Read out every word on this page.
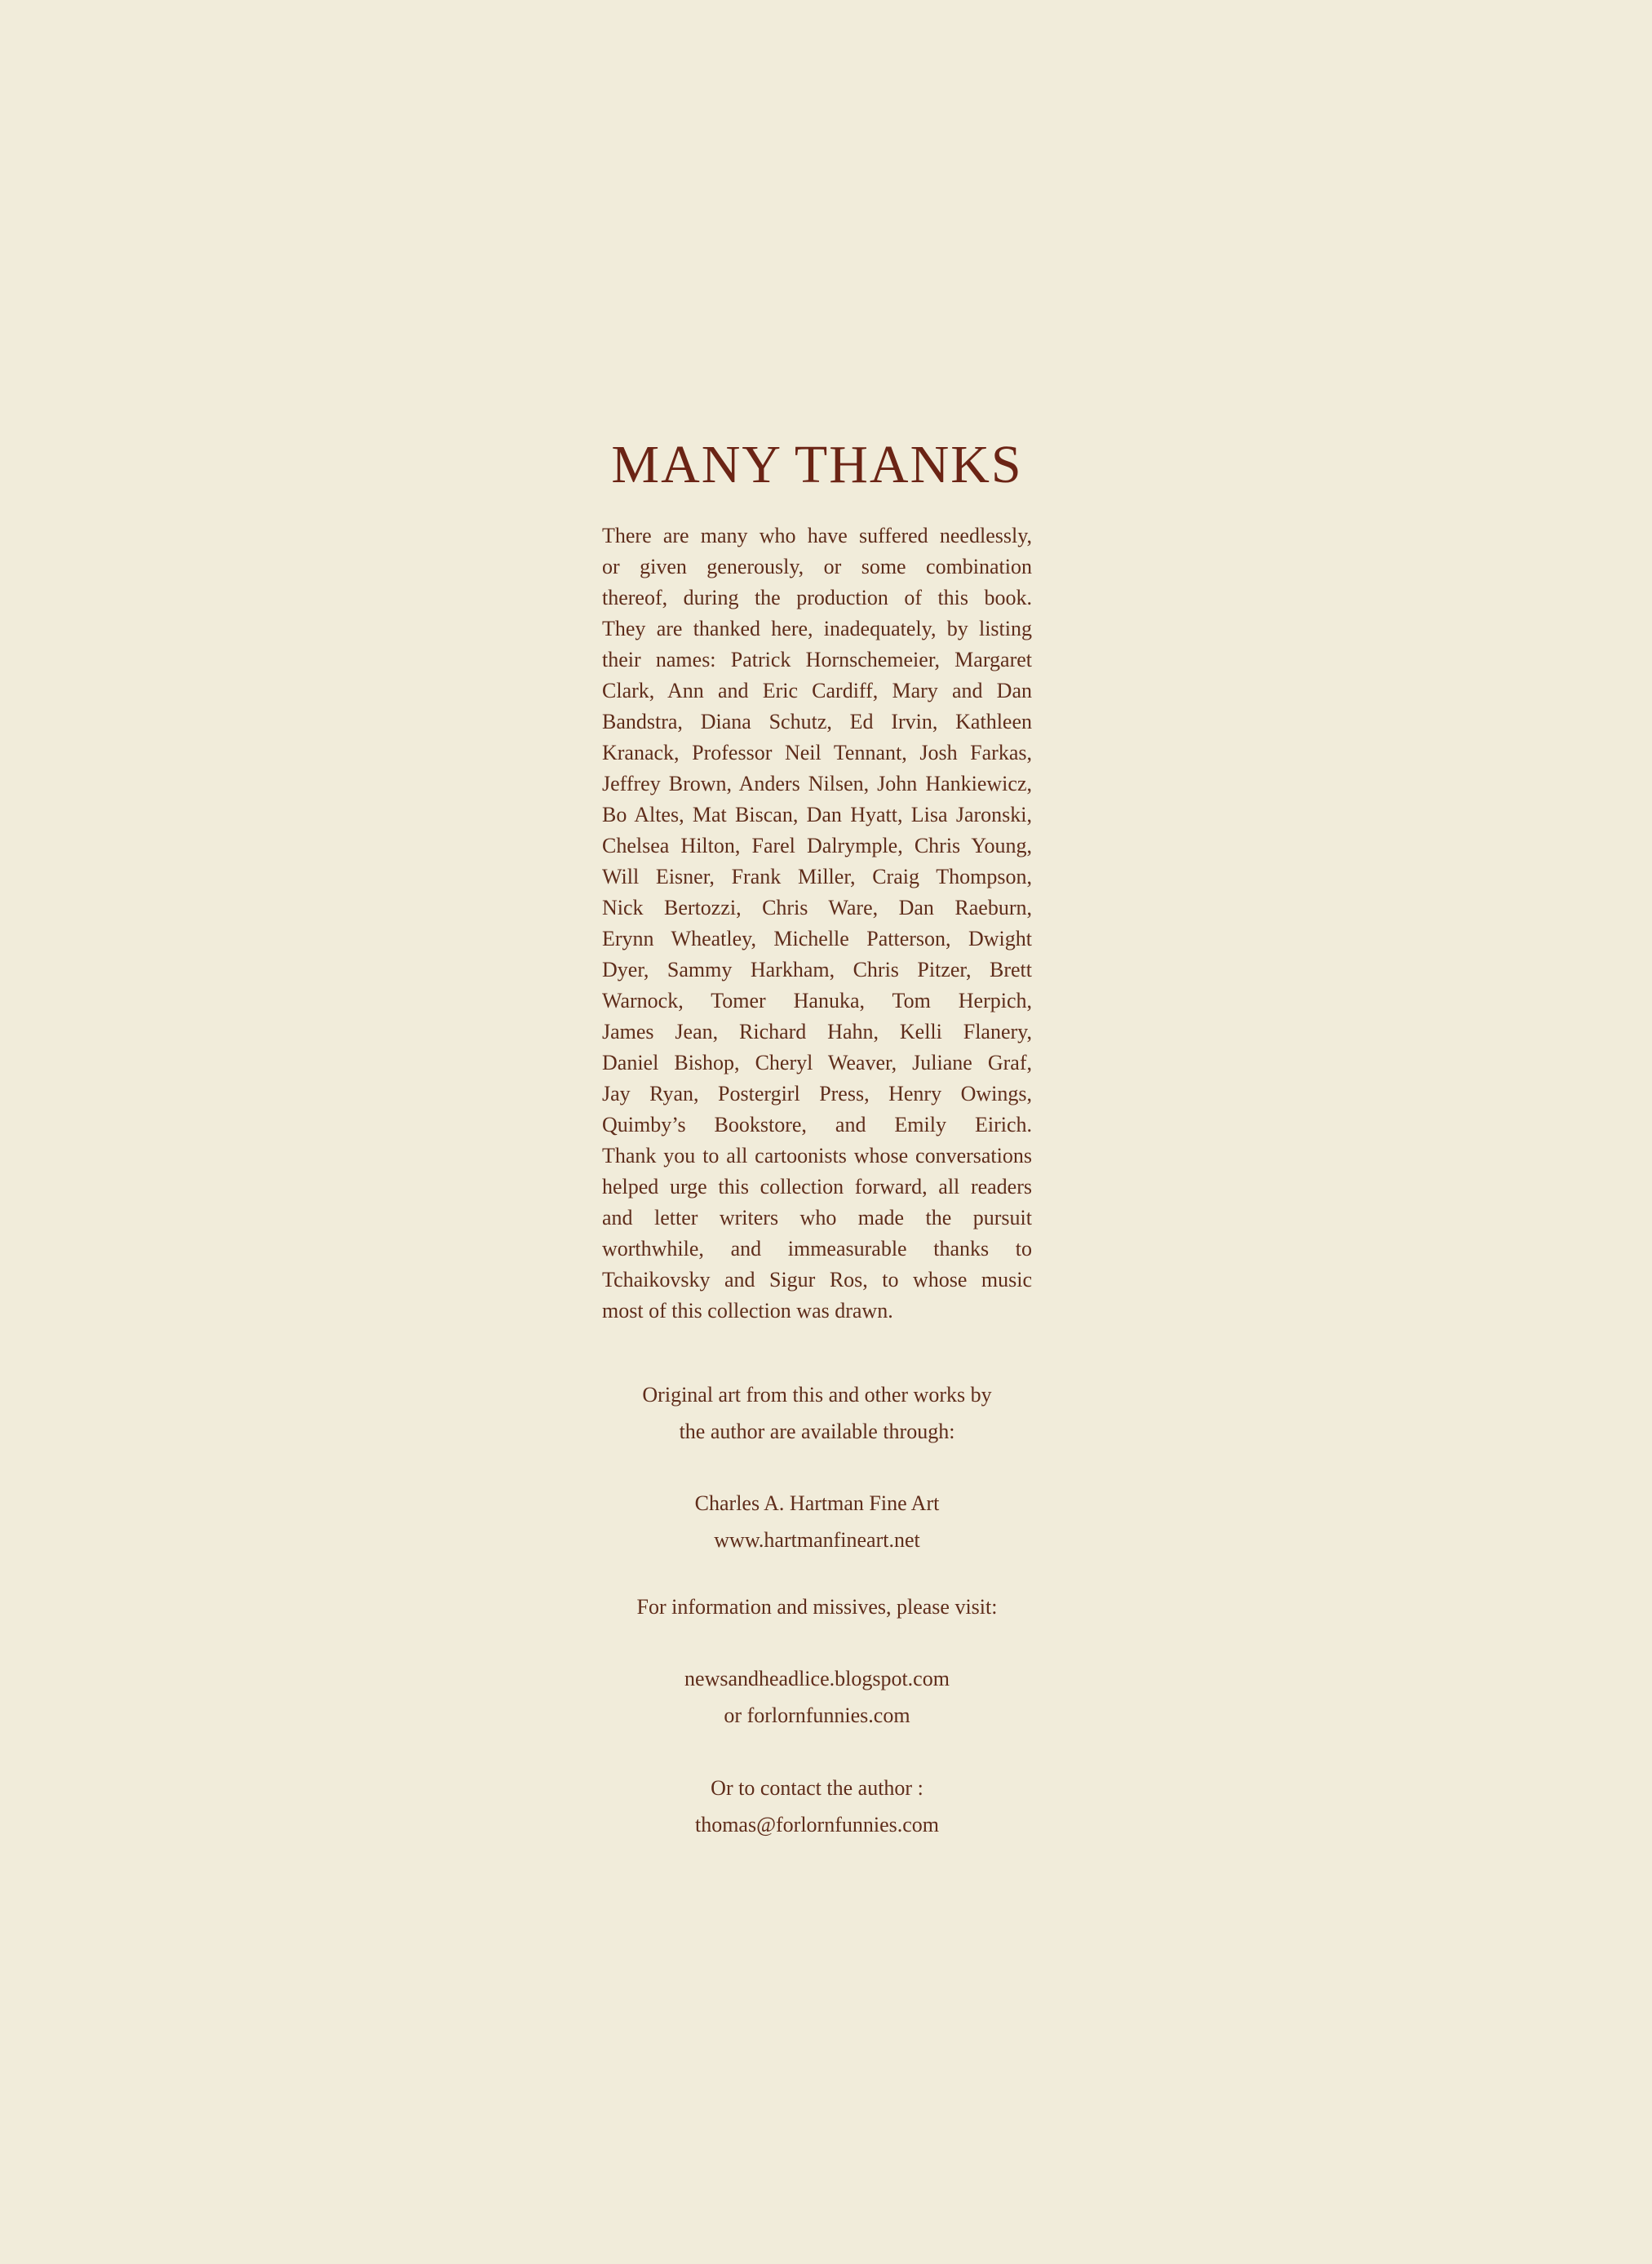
MANY THANKS
There are many who have suffered needlessly,
or given generously, or some combination
thereof, during the production of this book.
They are thanked here, inadequately, by listing
their names: Patrick Hornschemeier, Margaret
Clark, Ann and Eric Cardiff, Mary and Dan
Bandstra, Diana Schutz, Ed Irvin, Kathleen
Kranack, Professor Neil Tennant, Josh Farkas,
Jeffrey Brown, Anders Nilsen, John Hankiewicz,
Bo Altes, Mat Biscan, Dan Hyatt, Lisa Jaronski,
Chelsea Hilton, Farel Dalrymple, Chris Young,
Will Eisner, Frank Miller, Craig Thompson,
Nick Bertozzi, Chris Ware, Dan Raeburn,
Erynn Wheatley, Michelle Patterson, Dwight
Dyer, Sammy Harkham, Chris Pitzer, Brett
Warnock, Tomer Hanuka, Tom Herpich,
James Jean, Richard Hahn, Kelli Flanery,
Daniel Bishop, Cheryl Weaver, Juliane Graf,
Jay Ryan, Postergirl Press, Henry Owings,
Quimby’s Bookstore, and Emily Eirich.
Thank you to all cartoonists whose conversations
helped urge this collection forward, all readers
and letter writers who made the pursuit
worthwhile, and immeasurable thanks to
Tchaikovsky and Sigur Ros, to whose music
most of this collection was drawn.
Original art from this and other works by
the author are available through:
Charles A. Hartman Fine Art
www.hartmanfineart.net
For information and missives, please visit:
newsandheadlice.blogspot.com
or forlornfunnies.com
Or to contact the author :
thomas@forlornfunnies.com
